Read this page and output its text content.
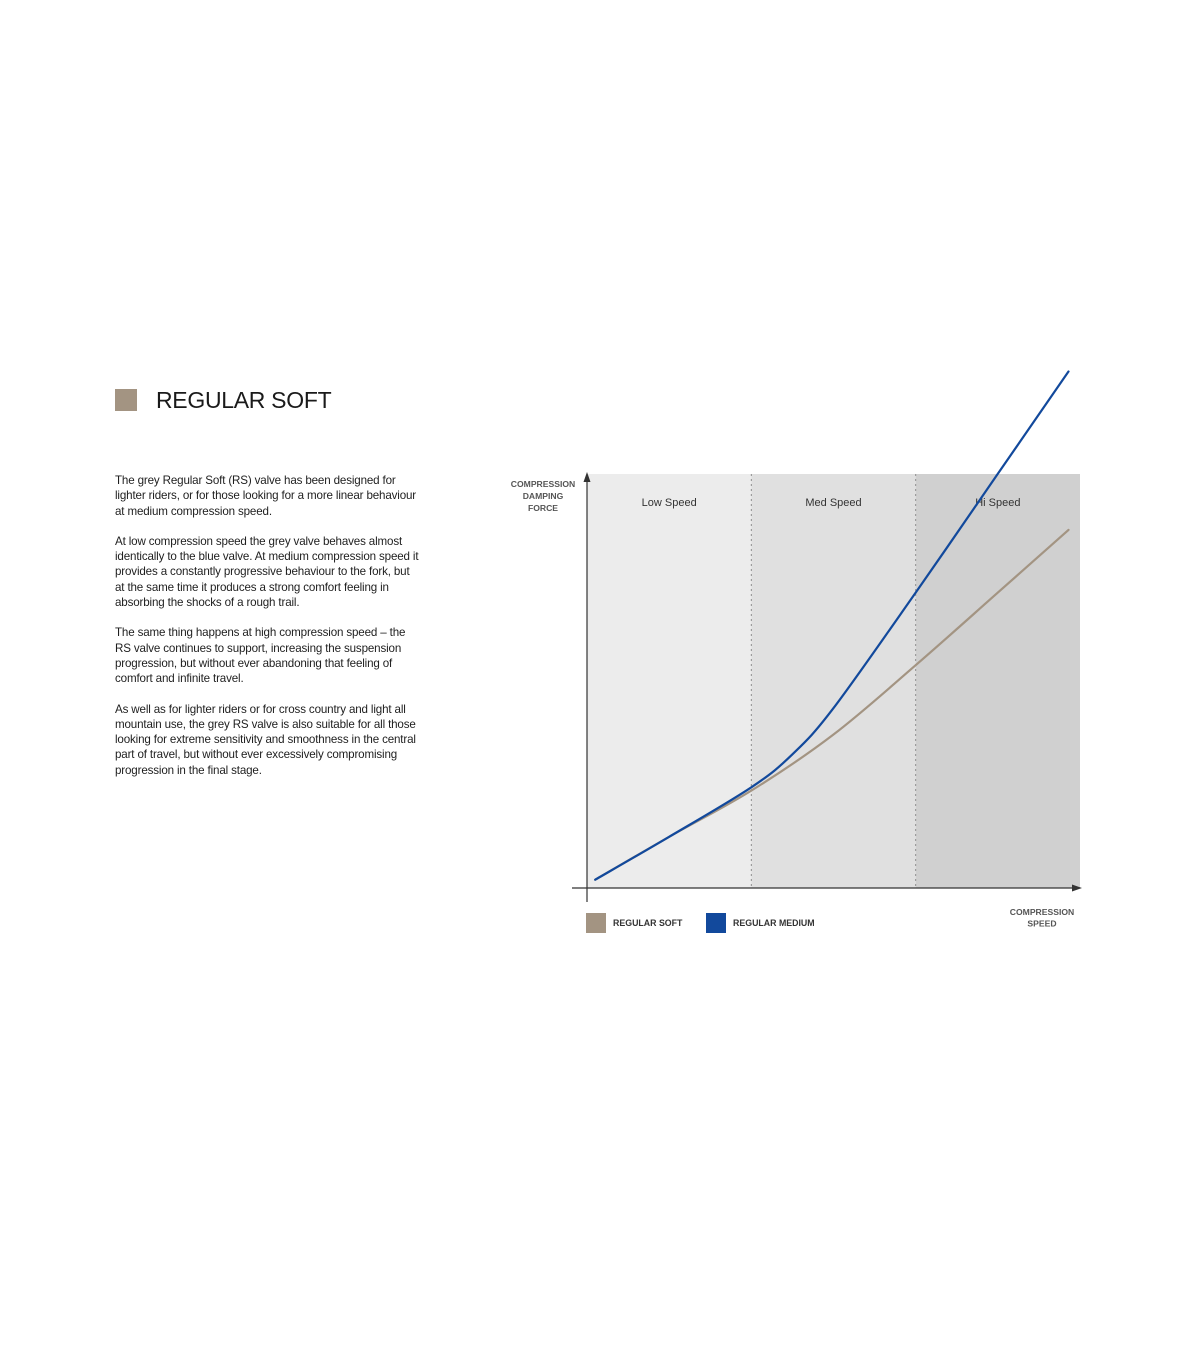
REGULAR SOFT

The grey Regular Soft (RS) valve has been designed for lighter riders, or for those looking for a more linear behaviour at medium compression speed.

At low compression speed the grey valve behaves almost identically to the blue valve. At medium compression speed it provides a constantly progressive behaviour to the fork, but at the same time it produces a strong comfort feeling in absorbing the shocks of a rough trail.

The same thing happens at high compression speed – the RS valve continues to support, increasing the suspension progression, but without ever abandoning that feeling of comfort and infinite travel.

As well as for lighter riders or for cross country and light all mountain use, the grey RS valve is also suitable for all those looking for extreme sensitivity and smoothness in the central part of travel, but without ever excessively compromising progression in the final stage.

Low Speed	Med Speed	Hi Speed
COMPRESSION
DAMPING
FORCE
COMPRESSION
SPEED
REGULAR SOFT	REGULAR MEDIUM
